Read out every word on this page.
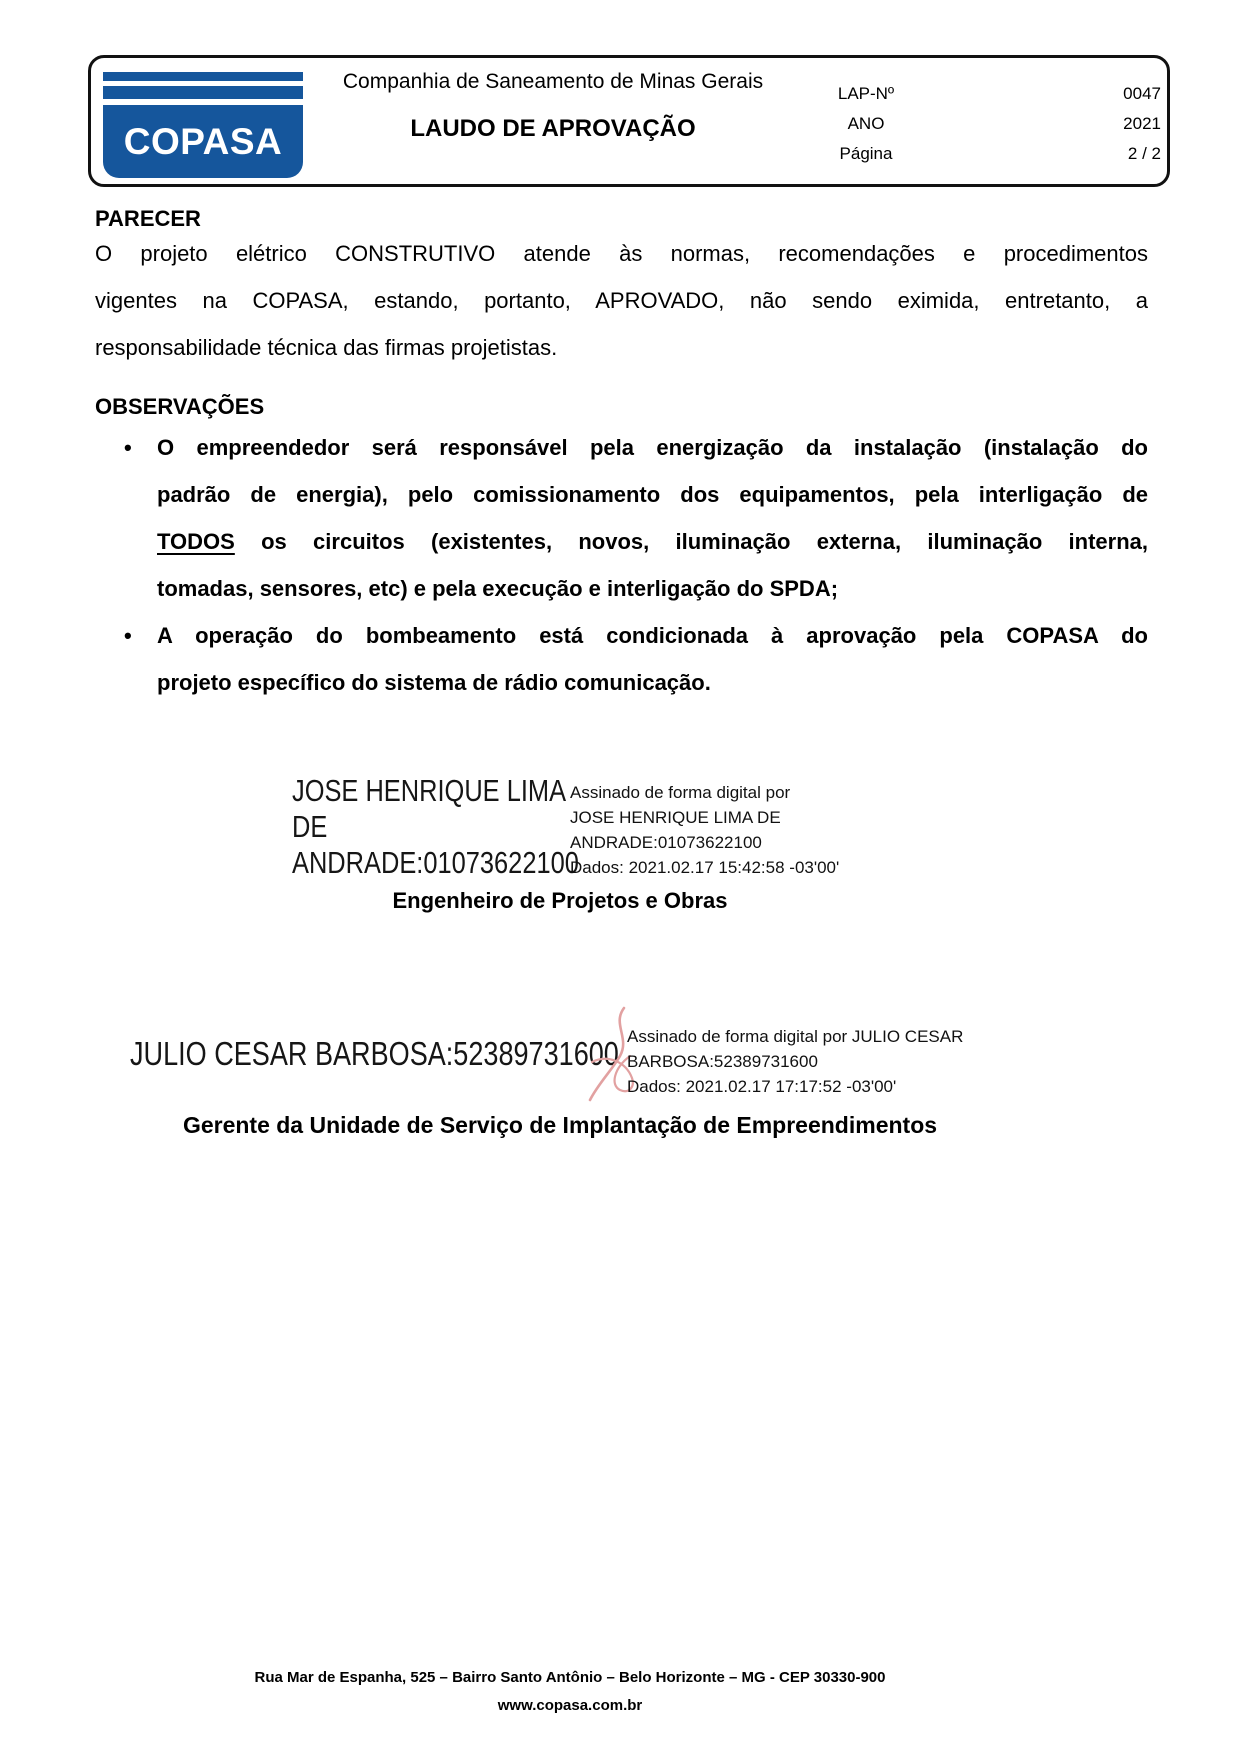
COPASA
Companhia de Saneamento de Minas Gerais
LAUDO DE APROVAÇÃO
LAP-Nº	0047
ANO	2021
Página	2 / 2
PARECER
O projeto elétrico CONSTRUTIVO atende às normas, recomendações e procedimentos
vigentes na COPASA, estando, portanto, APROVADO, não sendo eximida, entretanto, a
responsabilidade técnica das firmas projetistas.
OBSERVAÇÕES
• O empreendedor será responsável pela energização da instalação (instalação do
padrão de energia), pelo comissionamento dos equipamentos, pela interligação de
TODOS os circuitos (existentes, novos, iluminação externa, iluminação interna,
tomadas, sensores, etc) e pela execução e interligação do SPDA;
• A operação do bombeamento está condicionada à aprovação pela COPASA do
projeto específico do sistema de rádio comunicação.
JOSE HENRIQUE LIMA
DE
ANDRADE:01073622100
Assinado de forma digital por
JOSE HENRIQUE LIMA DE
ANDRADE:01073622100
Dados: 2021.02.17 15:42:58 -03'00'
Engenheiro de Projetos e Obras
JULIO CESAR BARBOSA:52389731600 Assinado de forma digital por JULIO CESAR
BARBOSA:52389731600
Dados: 2021.02.17 17:17:52 -03'00'
Gerente da Unidade de Serviço de Implantação de Empreendimentos
Rua Mar de Espanha, 525 – Bairro Santo Antônio – Belo Horizonte – MG - CEP 30330-900
www.copasa.com.br
